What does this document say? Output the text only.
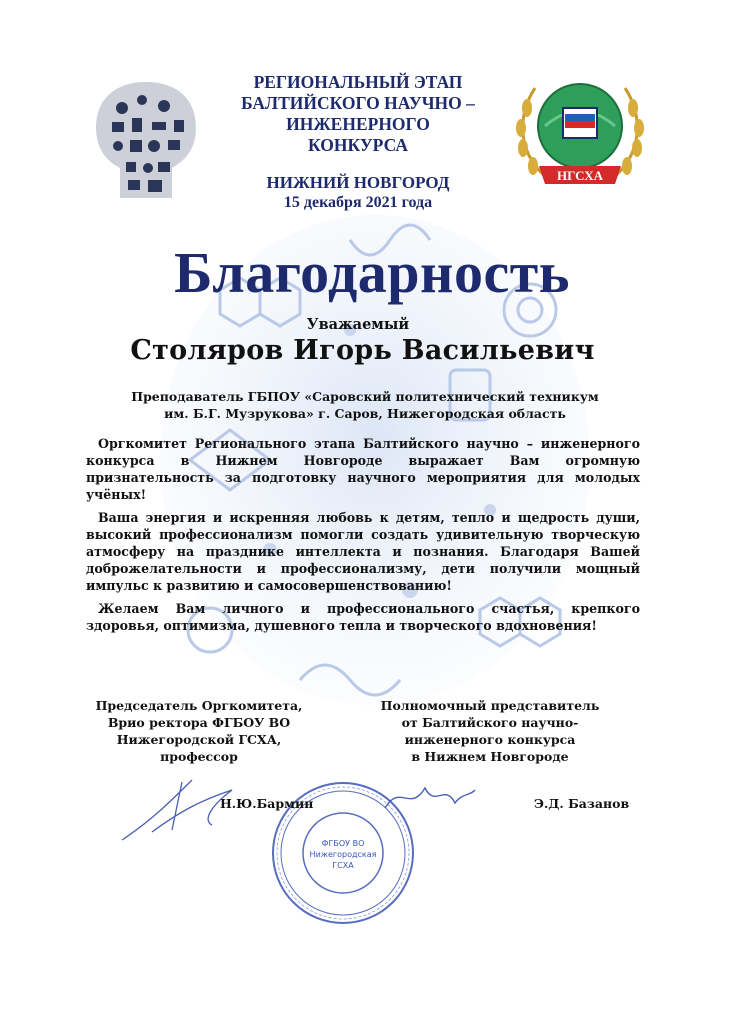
НГСХА
РЕГИОНАЛЬНЫЙ ЭТАП
БАЛТИЙСКОГО НАУЧНО –
ИНЖЕНЕРНОГО
КОНКУРСА
НИЖНИЙ НОВГОРОД
15 декабря 2021 года
Благодарность
Уважаемый
Столяров Игорь Васильевич
Преподаватель ГБПОУ «Саровский политехнический техникум
им. Б.Г. Музрукова» г. Саров, Нижегородская область

Оргкомитет Регионального этапа Балтийского научно – инженерного конкурса в Нижнем Новгороде выражает Вам огромную признательность за подготовку научного мероприятия для молодых учёных!

Ваша энергия и искренняя любовь к детям, тепло и щедрость души, высокий профессионализм помогли создать удивительную творческую атмосферу на празднике интеллекта и познания. Благодаря Вашей доброжелательности и профессионализму, дети получили мощный импульс к развитию и самосовершенствованию!

Желаем Вам личного и профессионального счастья, крепкого здоровья, оптимизма, душевного тепла и творческого вдохновения!

Председатель Оргкомитета,
Врио ректора ФГБОУ ВО
Нижегородской ГСХА,
профессор
Полномочный представитель
от Балтийского научно-
инженерного конкурса
в Нижнем Новгороде
ФГБОУ ВО
Нижегородская
ГСХА
Н.Ю.Бармин	Э.Д. Базанов
